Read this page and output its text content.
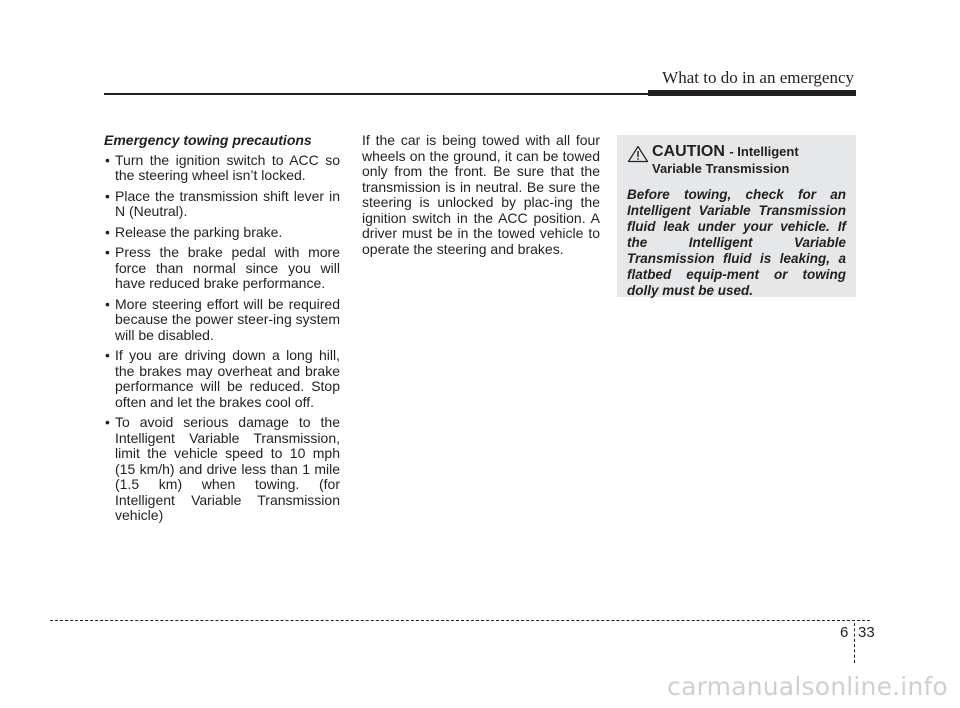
What to do in an emergency
Emergency towing precautions
• Turn the ignition switch to ACC so the steering wheel isn’t locked.
• Place the transmission shift lever in N (Neutral).
• Release the parking brake.
• Press the brake pedal with more force than normal since you will have reduced brake performance.
• More steering effort will be required because the power steer-ing system will be disabled.
• If you are driving down a long hill, the brakes may overheat and brake performance will be reduced. Stop often and let the brakes cool off.
• To avoid serious damage to the Intelligent Variable Transmission, limit the vehicle speed to 10 mph (15 km/h) and drive less than 1 mile (1.5 km) when towing. (for Intelligent Variable Transmission vehicle)

If the car is being towed with all four wheels on the ground, it can be towed only from the front. Be sure that the transmission is in neutral. Be sure the steering is unlocked by plac-ing the ignition switch in the ACC position. A driver must be in the towed vehicle to operate the steering and brakes.

CAUTION - Intelligent Variable Transmission
Before towing, check for an Intelligent Variable Transmission fluid leak under your vehicle. If the Intelligent Variable Transmission fluid is leaking, a flatbed equip-ment or towing dolly must be used.
6 33
carmanualsonline.info
